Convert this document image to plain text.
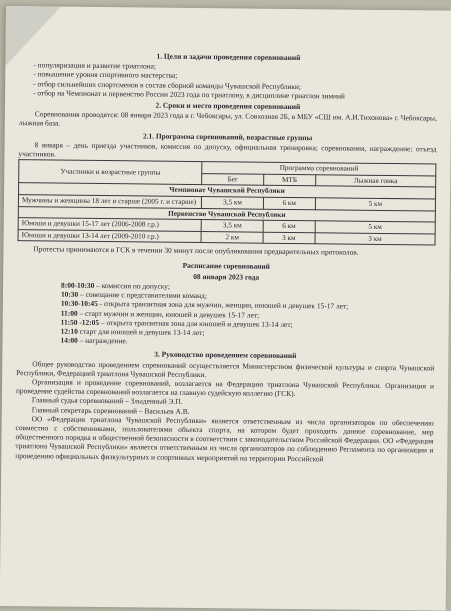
1. Цели и задачи проведения соревнований
- популяризация и развитие триатлона;
- повышение уровня спортивного мастерства;
- отбор сильнейших спортсменов в состав сборной команды Чувашской Республики;
- отбор на Чемпионат и первенство России 2023 года по триатлону, в дисциплине триатлон зимний
2. Сроки и место проведения соревнований
Соревнования проводятся: 08 января 2023 года в г. Чебоксары, ул. Совхозная 2Б, в МБУ «СШ им. А.И.Тихонова» г. Чебоксары, лыжная база.
2.1. Программа соревнований, возрастные группы
8 января – день приезда участников, комиссия по допуску, официальная тренировка; соревнования, награждение; отъезд участников.
Участники и возрастные группы	Программа соревнований		
	Бег	МТБ	Лыжная гонка
Чемпионат Чувашской Республики			
Мужчины и женщины 18 лет и старше (2005 г. и старше)	3,5 км	6 км	5 км
Первенство Чувашской Республики			
Юноши и девушки 15-17 лет (2006-2008 г.р.)	3,5 км	6 км	5 км
Юноши и девушки 13-14 лет (2009-2010 г.р.)	2 км	3 км	3 км
Протесты принимаются в ГСК в течении 30 минут после опубликования предварительных протоколов.
Расписание соревнований
08 января 2023 года
8:00-10:30 – комиссия по допуску;
10:30 – совещание с представителями команд;
10:30-10:45 - открыта транзитная зона для мужчин, женщин, юношей и девушек 15-17 лет;
11:00 – старт мужчин и женщин, юношей и девушек 15-17 лет;
11:50 -12:05 – открыта транзитная зона для юношей и девушек 13-14 лет;
12:10 старт для юношей и девушек 13-14 лет;
14:00 – награждение.
3. Руководство проведением соревнований
Общее руководство проведением соревнований осуществляется Министерством физической культуры и спорта Чувашской Республики, Федерацией триатлона Чувашской Республики.
Организация и проведение соревнований, возлагается на Федерацию триатлона Чувашской Республики. Организация и проведение судейства соревнований возлагается на главную судейскую коллегию (ГСК).
Главный судья соревнований – Злыденный Э.П.
Главный секретарь соревнований – Васильев А.В.
ОО «Федерация триатлона Чувашской Республики» является ответственным из числа организаторов по обеспечению совместно с собственниками, пользователями объекта спорта, на котором будет проходить данное соревнование, мер общественного порядка и общественной безопасности в соответствии с законодательством Российской Федерации. ОО «Федерация триатлона Чувашской Республики» является ответственным из числа организаторов по соблюдению Регламента по организации и проведению официальных физкультурных и спортивных мероприятий на территории Российской
